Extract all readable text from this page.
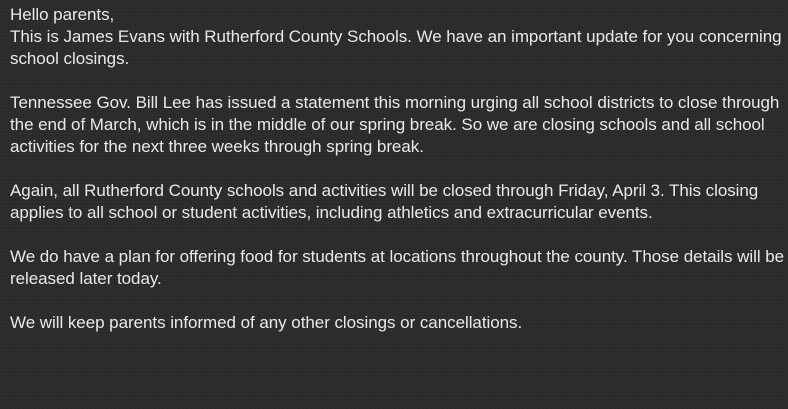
Hello parents,

This is James Evans with Rutherford County Schools. We have an important update for you concerning school closings.

Tennessee Gov. Bill Lee has issued a statement this morning urging all school districts to close through the end of March, which is in the middle of our spring break. So we are closing schools and all school activities for the next three weeks through spring break.

Again, all Rutherford County schools and activities will be closed through Friday, April 3. This closing applies to all school or student activities, including athletics and extracurricular events.

We do have a plan for offering food for students at locations throughout the county. Those details will be released later today.

We will keep parents informed of any other closings or cancellations.
